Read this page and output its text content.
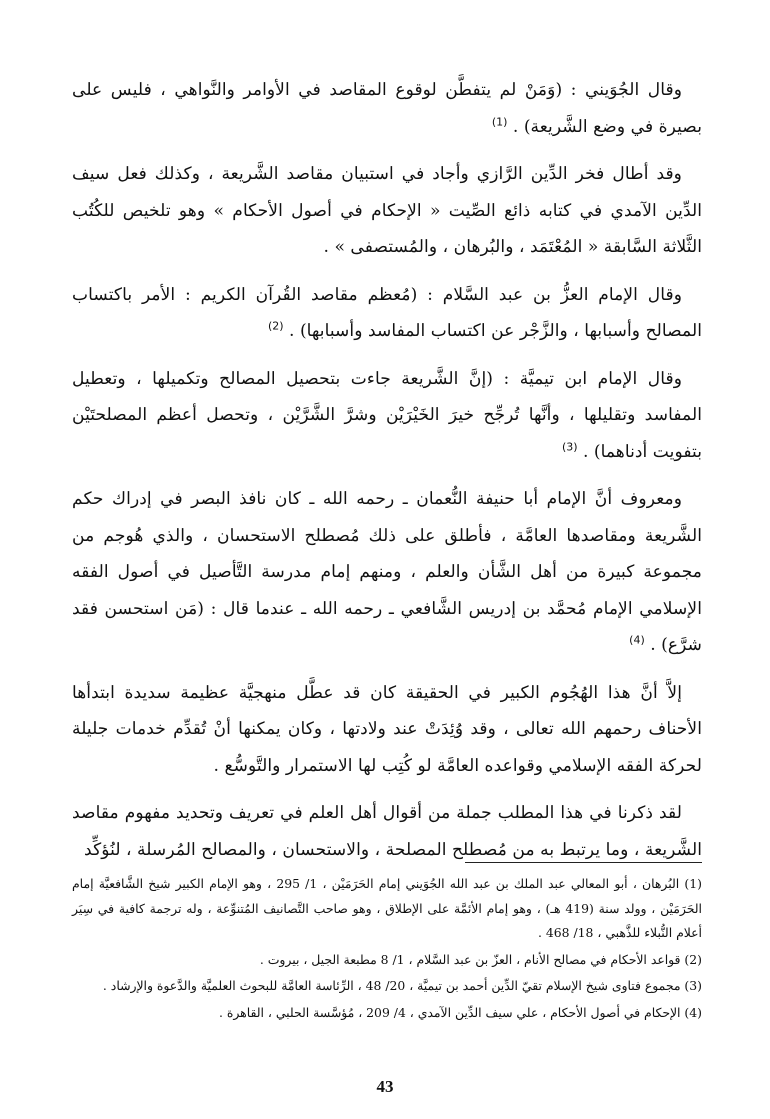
وقال الجُوَيني : (وَمَنْ لم يتفطَّن لوقوع المقاصد في الأوامر والنَّواهي ، فليس على بصيرة في وضع الشَّريعة) . $^{(1)}$

وقد أطال فخر الدِّين الرَّازي وأجاد في استبيان مقاصد الشَّريعة ، وكذلك فعل سيف الدِّين الآمدي في كتابه ذائع الصِّيت « الإحكام في أصول الأحكام » وهو تلخيص للكُتُب الثَّلاثة السَّابقة « المُعْتَمَد ، والبُرهان ، والمُستصفى » .

وقال الإمام العزُّ بن عبد السَّلام : (مُعظم مقاصد القُرآن الكريم : الأمر باكتساب المصالح وأسبابها ، والزَّجْر عن اكتساب المفاسد وأسبابها) . $^{(2)}$

وقال الإمام ابن تيميَّة : (إنَّ الشَّريعة جاءت بتحصيل المصالح وتكميلها ، وتعطيل المفاسد وتقليلها ، وأنَّها تُرجِّح خيرَ الخَيْرَيْن وشرَّ الشَّرَّيْن ، وتحصل أعظم المصلحتَيْن بتفويت أدناهما) . $^{(3)}$

ومعروف أنَّ الإمام أبا حنيفة النُّعمان ـ رحمه الله ـ كان نافذ البصر في إدراك حكم الشَّريعة ومقاصدها العامَّة ، فأطلق على ذلك مُصطلح الاستحسان ، والذي هُوجم من مجموعة كبيرة من أهل الشَّأن والعلم ، ومنهم إمام مدرسة التَّأصيل في أصول الفقه الإسلامي الإمام مُحمَّد بن إدريس الشَّافعي ـ رحمه الله ـ عندما قال : (مَن استحسن فقد شرَّع) . $^{(4)}$

إلاَّ أنَّ هذا الهُجُوم الكبير في الحقيقة كان قد عطَّل منهجيَّة عظيمة سديدة ابتدأها الأحناف رحمهم الله تعالى ، وقد وُئِدَتْ عند ولادتها ، وكان يمكنها أنْ تُقدِّم خدمات جليلة لحركة الفقه الإسلامي وقواعده العامَّة لو كُتِب لها الاستمرار والتَّوسُّع .

لقد ذكرنا في هذا المطلب جملة من أقوال أهل العلم في تعريف وتحديد مفهوم مقاصد الشَّريعة ، وما يرتبط به من مُصطلح المصلحة ، والاستحسان ، والمصالح المُرسلة ، لنُؤكِّد

(1) البُرهان ، أبو المعالي عبد الملك بن عبد الله الجُوَيني إمام الحَرَمَيْن ، 1/ 295 ، وهو الإمام الكبير شيخ الشَّافعيَّة إمام الحَرَمَيْن ، وولد سنة (419 هـ) ، وهو إمام الأئمَّة على الإطلاق ، وهو صاحب التَّصانيف المُتنوِّعة ، وله ترجمة كافية في سِيَر أعلام النُّبلاء للذَّهبي ، 18/ 468 .

(2) قواعد الأحكام في مصالح الأنام ، العزّ بن عبد السَّلام ، 1/ 8 مطبعة الجيل ، بيروت .

(3) مجموع فتاوى شيخ الإسلام تقيّ الدِّين أحمد بن تيميَّة ، 20/ 48 ، الرِّئاسة العامَّة للبحوث العلميَّة والدَّعوة والإرشاد .

(4) الإحكام في أصول الأحكام ، علي سيف الدِّين الآمدي ، 4/ 209 ، مُؤسَّسة الحلبي ، القاهرة .

43
